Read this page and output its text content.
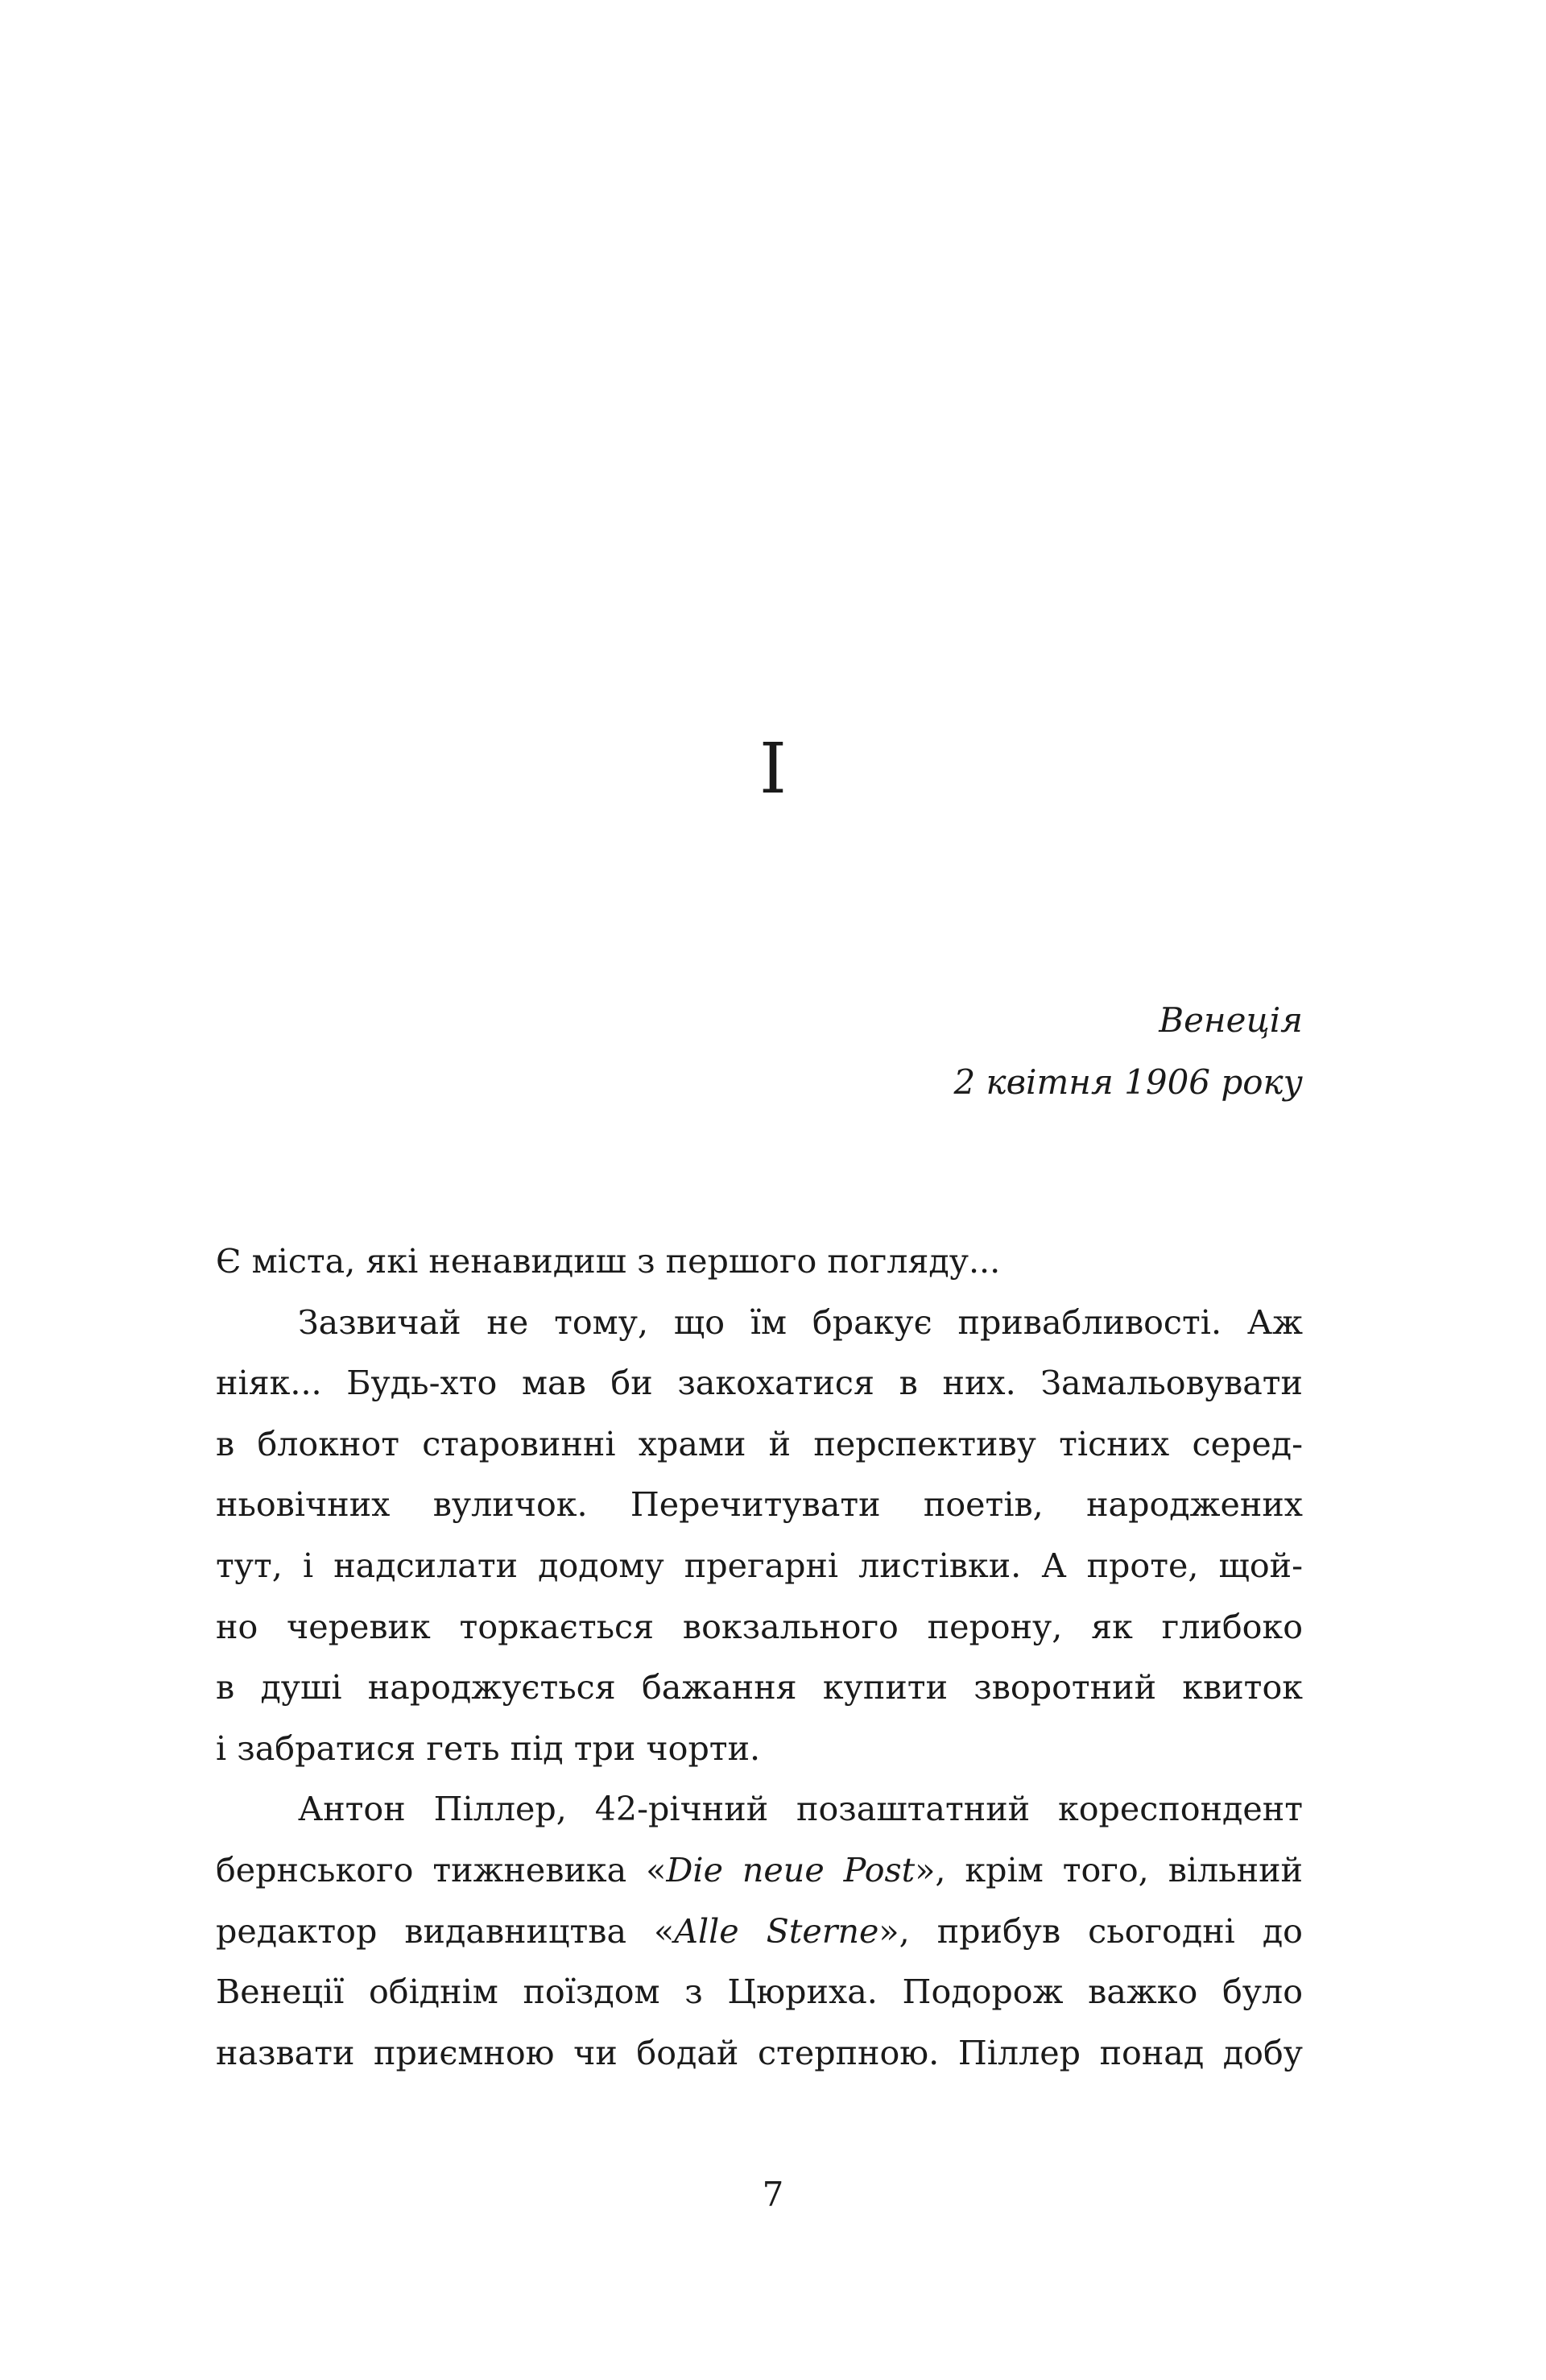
I
Венеція
2 квітня 1906 року
Є міста, які ненавидиш з першого погляду...
Зазвичай не тому, що їм бракує привабливості. Аж
ніяк... Будь-хто мав би закохатися в них. Замальовувати
в блокнот старовинні храми й перспективу тісних серед-
ньовічних вуличок. Перечитувати поетів, народжених
тут, і надсилати додому прегарні листівки. А проте, щой-
но черевик торкається вокзального перону, як глибоко
в душі народжується бажання купити зворотний квиток
і забратися геть під три чорти.
Антон Піллер, 42-річний позаштатний кореспондент
бернського тижневика «Die neue Post», крім того, вільний
редактор видавництва «Alle Sterne», прибув сьогодні до
Венеції обіднім поїздом з Цюриха. Подорож важко було
назвати приємною чи бодай стерпною. Піллер понад добу
7
